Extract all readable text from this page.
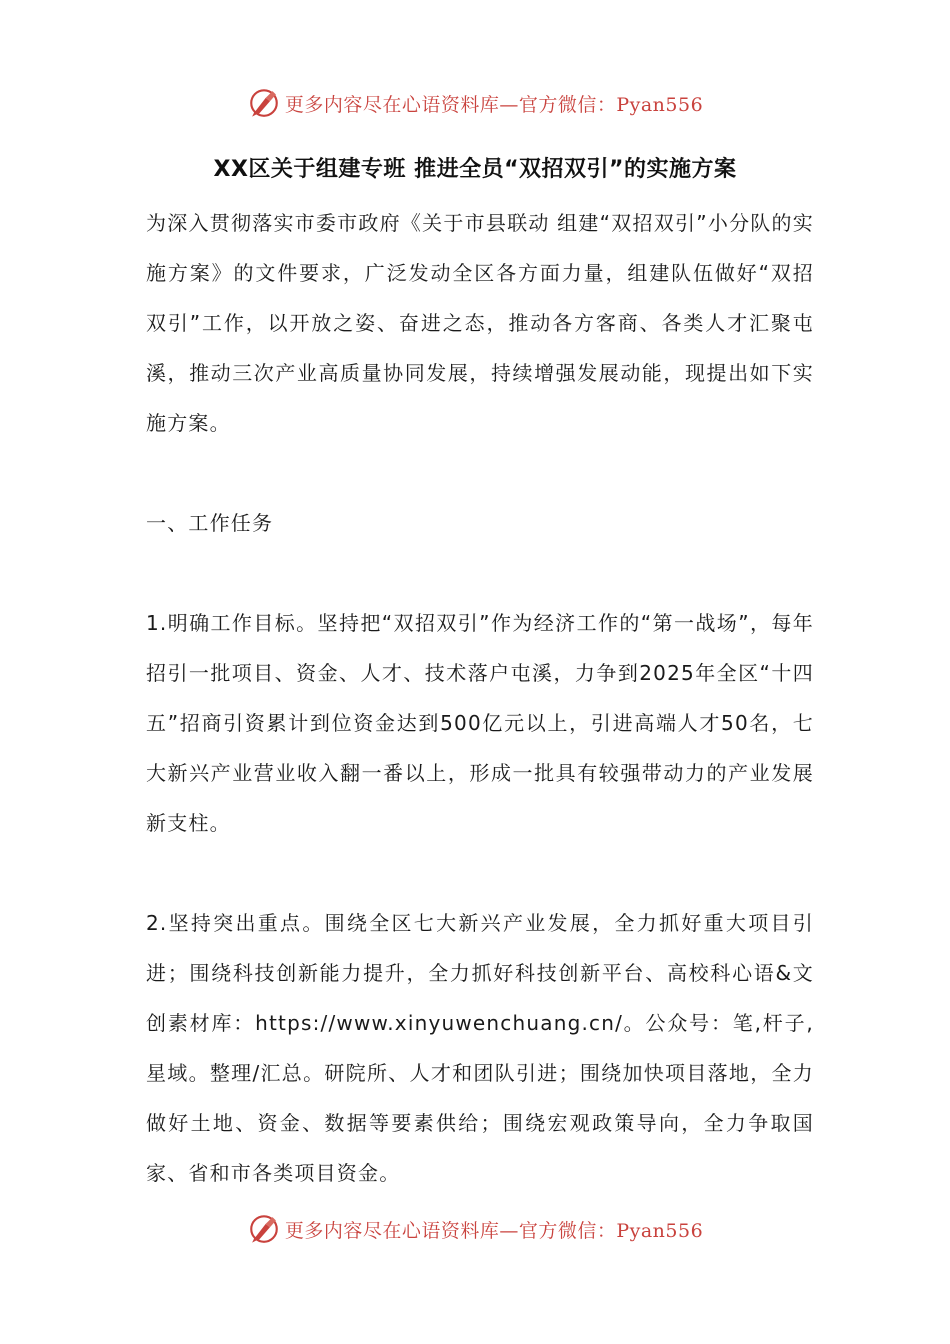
更多内容尽在心语资料库—官方微信：Pyan556
XX区关于组建专班 推进全员“双招双引”的实施方案

为深入贯彻落实市委市政府《关于市县联动 组建“双招双引”小分队的实施方案》的文件要求，广泛发动全区各方面力量，组建队伍做好“双招双引”工作，以开放之姿、奋进之态，推动各方客商、各类人才汇聚屯溪，推动三次产业高质量协同发展，持续增强发展动能，现提出如下实施方案。

一、工作任务

1.明确工作目标。坚持把“双招双引”作为经济工作的“第一战场”，每年招引一批项目、资金、人才、技术落户屯溪，力争到2025年全区“十四五”招商引资累计到位资金达到500亿元以上，引进高端人才50名，七大新兴产业营业收入翻一番以上，形成一批具有较强带动力的产业发展新支柱。

2.坚持突出重点。围绕全区七大新兴产业发展，全力抓好重大项目引进；围绕科技创新能力提升，全力抓好科技创新平台、高校科心语&文创素材库：https://www.xinyuwenchuang.cn/。公众号：笔,杆子,星域。整理/汇总。研院所、人才和团队引进；围绕加快项目落地，全力做好土地、资金、数据等要素供给；围绕宏观政策导向，全力争取国家、省和市各类项目资金。

更多内容尽在心语资料库—官方微信：Pyan556
